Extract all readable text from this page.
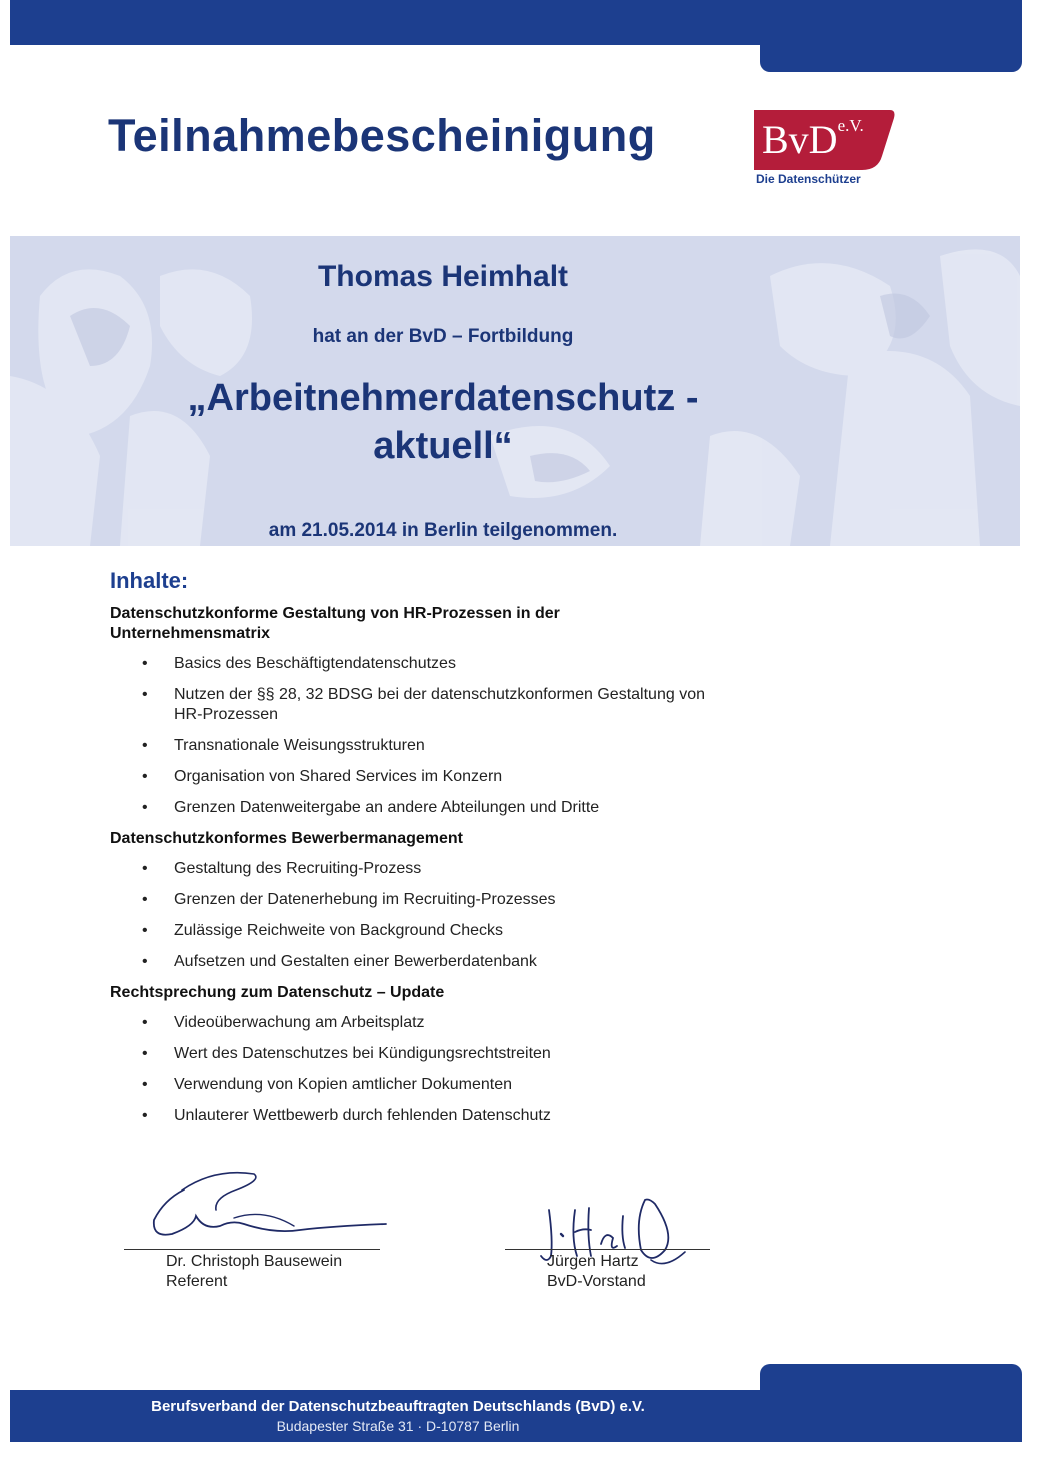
Teilnahmebescheinigung	BvD$^{e.V.}$
Die Datenschützer
Thomas Heimhalt
hat an der BvD – Fortbildung
„Arbeitnehmerdatenschutz -
aktuell“
am 21.05.2014 in Berlin teilgenommen.
Inhalte:
Datenschutzkonforme Gestaltung von HR-Prozessen in der Unternehmensmatrix
• Basics des Beschäftigtendatenschutzes
• Nutzen der §§ 28, 32 BDSG bei der datenschutzkonformen Gestaltung von HR-Prozessen
• Transnationale Weisungsstrukturen
• Organisation von Shared Services im Konzern
• Grenzen Datenweitergabe an andere Abteilungen und Dritte
Datenschutzkonformes Bewerbermanagement
• Gestaltung des Recruiting-Prozess
• Grenzen der Datenerhebung im Recruiting-Prozesses
• Zulässige Reichweite von Background Checks
• Aufsetzen und Gestalten einer Bewerberdatenbank
Rechtsprechung zum Datenschutz – Update
• Videoüberwachung am Arbeitsplatz
• Wert des Datenschutzes bei Kündigungsrechtstreiten
• Verwendung von Kopien amtlicher Dokumenten
• Unlauterer Wettbewerb durch fehlenden Datenschutz
Dr. Christoph Bausewein
Referent
Jürgen Hartz
BvD-Vorstand
Berufsverband der Datenschutzbeauftragten Deutschlands (BvD) e.V.
Budapester Straße 31 · D-10787 Berlin
